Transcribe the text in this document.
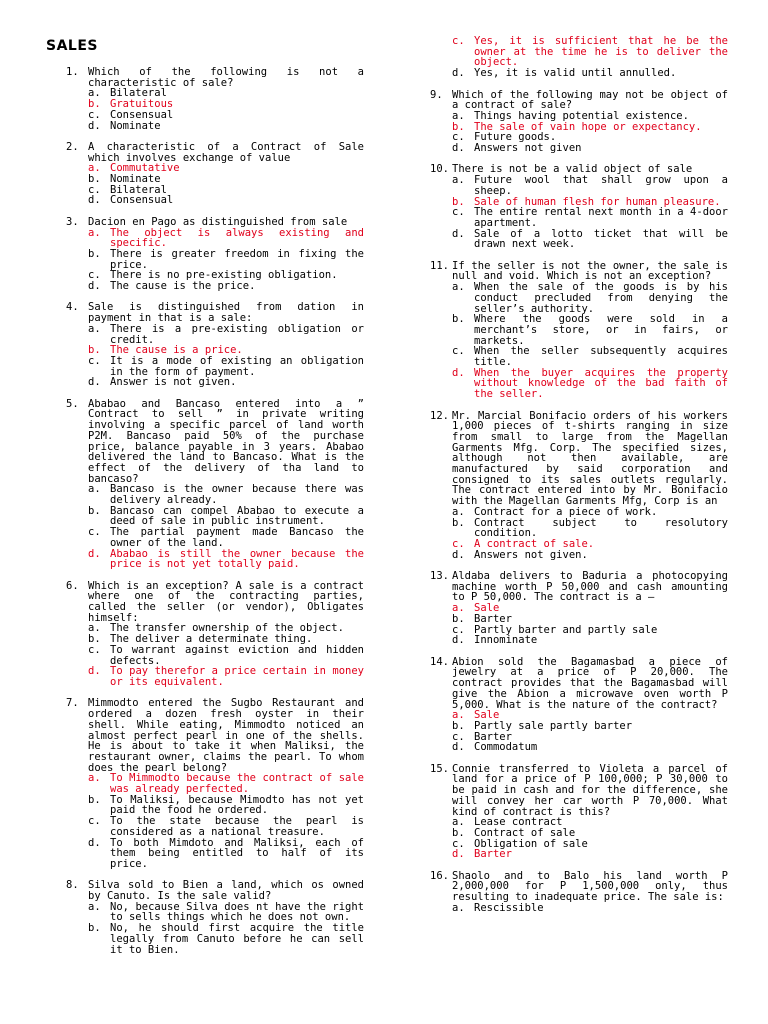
SALES
1. Which of the following is not a characteristic of sale?
a. Bilateral
b. Gratuitous
c. Consensual
d. Nominate
2. A characteristic of a Contract of Sale which involves exchange of value
a. Commutative
b. Nominate
c. Bilateral
d. Consensual
3. Dacion en Pago as distinguished from sale
a. The object is always existing and specific.
b. There is greater freedom in fixing the price.
c. There is no pre-existing obligation.
d. The cause is the price.
4. Sale is distinguished from dation in payment in that is a sale:
a. There is a pre-existing obligation or credit.
b. The cause is a price.
c. It is a mode of existing an obligation in the form of payment.
d. Answer is not given.
5. Ababao and Bancaso entered into a ” Contract to sell ” in private writing involving a specific parcel of land worth P2M. Bancaso paid 50% of the purchase price, balance payable in 3 years. Ababao delivered the land to Bancaso. What is the effect of the delivery of tha land to bancaso?
a. Bancaso is the owner because there was delivery already.
b. Bancaso can compel Ababao to execute a deed of sale in public instrument.
c. The partial payment made Bancaso the owner of the land.
d. Ababao is still the owner because the price is not yet totally paid.
6. Which is an exception? A sale is a contract where one of the contracting parties, called the seller (or vendor), Obligates himself:
a. The transfer ownership of the object.
b. The deliver a determinate thing.
c. To warrant against eviction and hidden defects.
d. To pay therefor a price certain in money or its equivalent.
7. Mimmodto entered the Sugbo Restaurant and ordered a dozen fresh oyster in their shell. While eating, Mimmodto noticed an almost perfect pearl in one of the shells. He is about to take it when Maliksi, the restaurant owner, claims the pearl. To whom does the pearl belong?
a. To Mimmodto because the contract of sale was already perfected.
b. To Maliksi, because Mimodto has not yet paid the food he ordered.
c. To the state because the pearl is considered as a national treasure.
d. To both Mimdoto and Maliksi, each of them being entitled to half of its price.
8. Silva sold to Bien a land, which os owned by Canuto. Is the sale valid?
a. No, because Silva does nt have the right to sells things which he does not own.
b. No, he should first acquire the title legally from Canuto before he can sell it to Bien.
c. Yes, it is sufficient that he be the owner at the time he is to deliver the object.
d. Yes, it is valid until annulled.
9. Which of the following may not be object of a contract of sale?
a. Things having potential existence.
b. The sale of vain hope or expectancy.
c. Future goods.
d. Answers not given
10. There is not be a valid object of sale
a. Future wool that shall grow upon a sheep.
b. Sale of human flesh for human pleasure.
c. The entire rental next month in a 4-door apartment.
d. Sale of a lotto ticket that will be drawn next week.
11. If the seller is not the owner, the sale is null and void. Which is not an exception?
a. When the sale of the goods is by his conduct precluded from denying the seller’s authority.
b. Where the goods were sold in a merchant’s store, or in fairs, or markets.
c. When the seller subsequently acquires title.
d. When the buyer acquires the property without knowledge of the bad faith of the seller.
12. Mr. Marcial Bonifacio orders of his workers 1,000 pieces of t-shirts ranging in size from small to large from the Magellan Garments Mfg. Corp. The specified sizes, although not then available, are manufactured by said corporation and consigned to its sales outlets regularly. The contract entered into by Mr. Bonifacio with the Magellan Garments Mfg, Corp is an
a. Contract for a piece of work.
b. Contract subject to resolutory condition.
c. A contract of sale.
d. Answers not given.
13. Aldaba delivers to Baduria a photocopying machine worth P 50,000 and cash amounting to P 50,000. The contract is a –
a. Sale
b. Barter
c. Partly barter and partly sale
d. Innominate
14. Abion sold the Bagamasbad a piece of jewelry at a price of P 20,000. The contract provides that the Bagamasbad will give the Abion a microwave oven worth P 5,000. What is the nature of the contract?
a. Sale
b. Partly sale partly barter
c. Barter
d. Commodatum
15. Connie transferred to Violeta a parcel of land for a price of P 100,000; P 30,000 to be paid in cash and for the difference, she will convey her car worth P 70,000. What kind of contract is this?
a. Lease contract
b. Contract of sale
c. Obligation of sale
d. Barter
16. Shaolo and to Balo his land worth P 2,000,000 for P 1,500,000 only, thus resulting to inadequate price. The sale is:
a. Rescissible
